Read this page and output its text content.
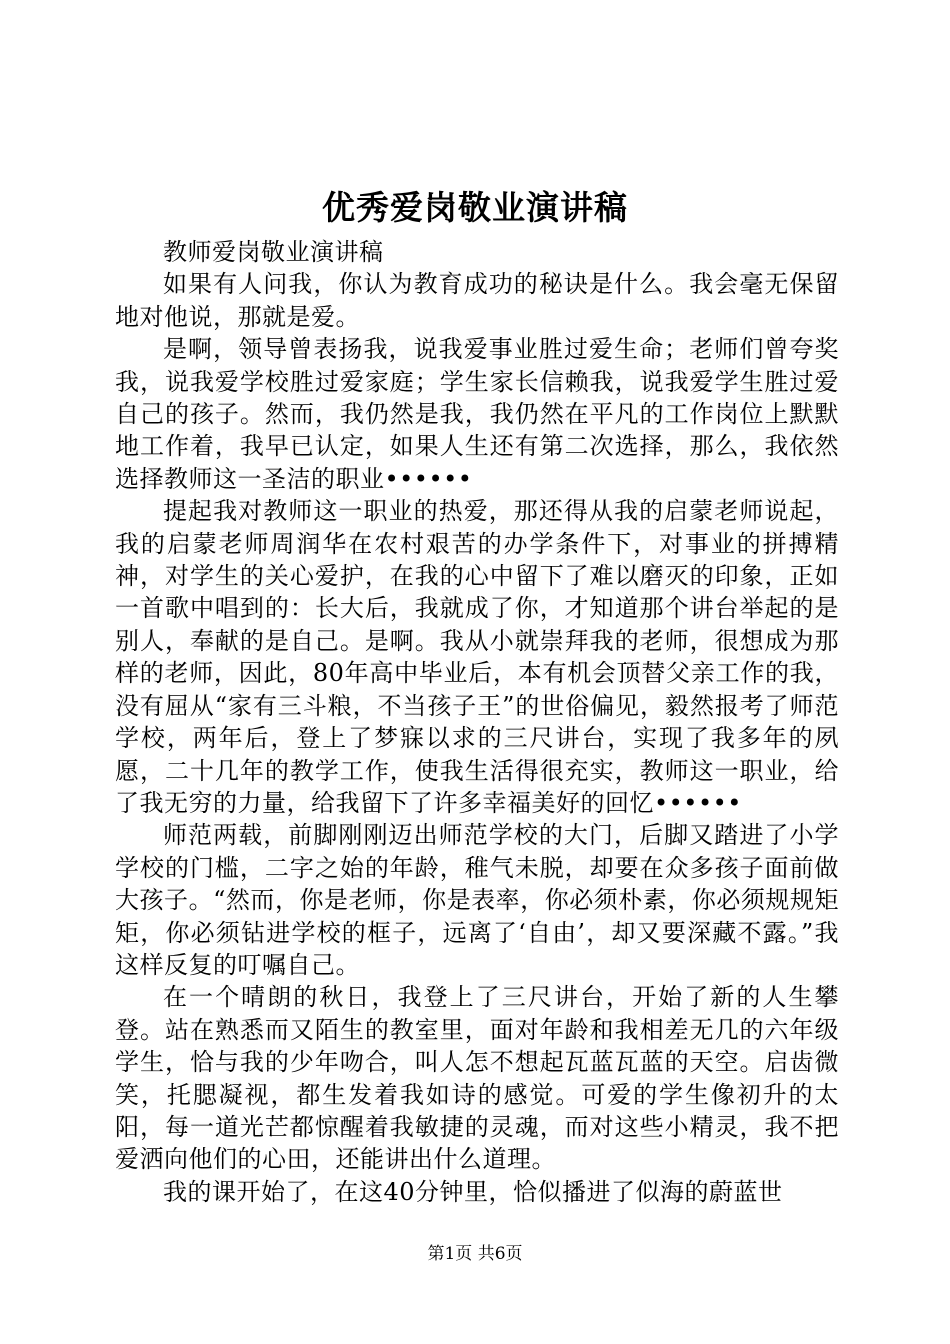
优秀爱岗敬业演讲稿

教师爱岗敬业演讲稿

如果有人问我，你认为教育成功的秘诀是什么。我会毫无保留地对他说，那就是爱。

是啊，领导曾表扬我，说我爱事业胜过爱生命；老师们曾夸奖我，说我爱学校胜过爱家庭；学生家长信赖我，说我爱学生胜过爱自己的孩子。然而，我仍然是我，我仍然在平凡的工作岗位上默默地工作着，我早已认定，如果人生还有第二次选择，那么，我依然选择教师这一圣洁的职业••••••

提起我对教师这一职业的热爱，那还得从我的启蒙老师说起，我的启蒙老师周润华在农村艰苦的办学条件下，对事业的拼搏精神，对学生的关心爱护，在我的心中留下了难以磨灭的印象，正如一首歌中唱到的：长大后，我就成了你，才知道那个讲台举起的是别人，奉献的是自己。是啊。我从小就崇拜我的老师，很想成为那样的老师，因此，80年高中毕业后，本有机会顶替父亲工作的我，没有屈从“家有三斗粮，不当孩子王”的世俗偏见，毅然报考了师范学校，两年后，登上了梦寐以求的三尺讲台，实现了我多年的夙愿，二十几年的教学工作，使我生活得很充实，教师这一职业，给了我无穷的力量，给我留下了许多幸福美好的回忆••••••

师范两载，前脚刚刚迈出师范学校的大门，后脚又踏进了小学学校的门槛，二字之始的年龄，稚气未脱，却要在众多孩子面前做大孩子。“然而，你是老师，你是表率，你必须朴素，你必须规规矩矩，你必须钻进学校的框子，远离了‘自由’，却又要深藏不露。”我这样反复的叮嘱自己。

在一个晴朗的秋日，我登上了三尺讲台，开始了新的人生攀登。站在熟悉而又陌生的教室里，面对年龄和我相差无几的六年级学生，恰与我的少年吻合，叫人怎不想起瓦蓝瓦蓝的天空。启齿微笑，托腮凝视，都生发着我如诗的感觉。可爱的学生像初升的太阳，每一道光芒都惊醒着我敏捷的灵魂，而对这些小精灵，我不把爱洒向他们的心田，还能讲出什么道理。

我的课开始了，在这40分钟里，恰似播进了似海的蔚蓝世

第1页 共6页
